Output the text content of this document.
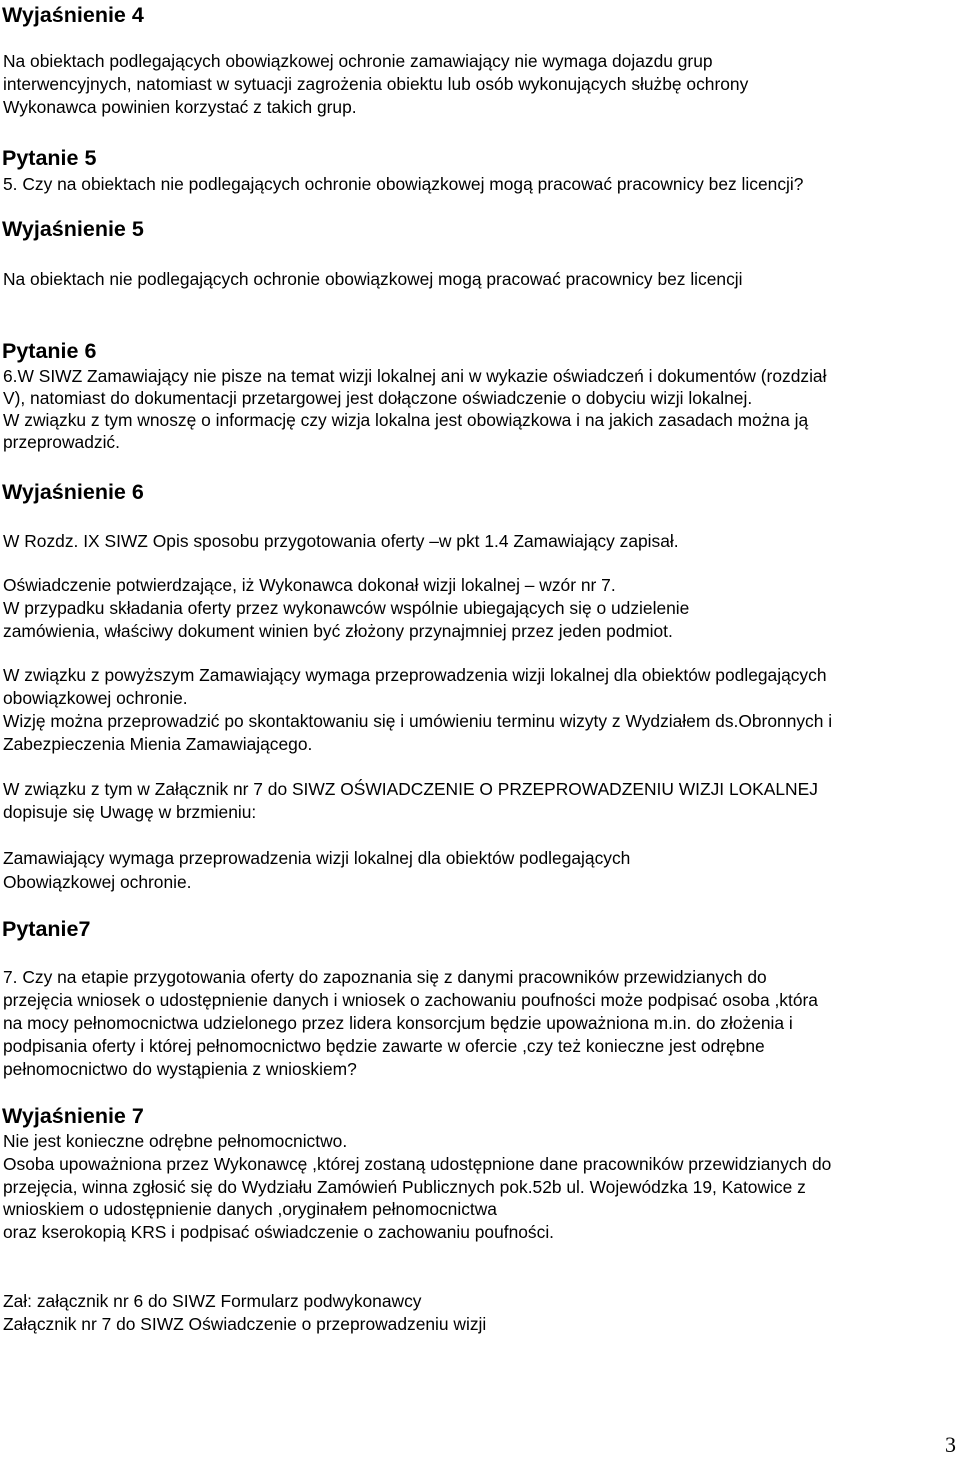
Wyjaśnienie 4
Na obiektach podlegających obowiązkowej ochronie zamawiający nie wymaga dojazdu grup
interwencyjnych, natomiast w sytuacji zagrożenia obiektu lub osób wykonujących służbę ochrony
Wykonawca powinien korzystać z takich grup.
Pytanie 5
5. Czy na obiektach nie podlegających ochronie obowiązkowej mogą pracować pracownicy bez licencji?
Wyjaśnienie 5
Na obiektach nie podlegających ochronie obowiązkowej mogą pracować pracownicy bez licencji
Pytanie 6
6.W SIWZ Zamawiający nie pisze na temat wizji lokalnej ani w wykazie oświadczeń i dokumentów (rozdział
V), natomiast do dokumentacji przetargowej jest dołączone oświadczenie o dobyciu wizji lokalnej.
W związku z tym wnoszę o informację czy wizja lokalna jest obowiązkowa i na jakich zasadach można ją
przeprowadzić.
Wyjaśnienie 6
W Rozdz. IX SIWZ Opis sposobu przygotowania oferty –w pkt 1.4 Zamawiający zapisał.
Oświadczenie potwierdzające, iż Wykonawca dokonał wizji lokalnej – wzór nr 7.
W przypadku składania oferty przez wykonawców wspólnie ubiegających się o udzielenie
zamówienia, właściwy dokument winien być złożony przynajmniej przez jeden podmiot.
W związku z powyższym Zamawiający wymaga przeprowadzenia wizji lokalnej dla obiektów podlegających
obowiązkowej ochronie.
Wizję można przeprowadzić po skontaktowaniu się i umówieniu terminu wizyty z Wydziałem ds.Obronnych i
Zabezpieczenia Mienia Zamawiającego.
W związku z tym w Załącznik nr 7 do SIWZ OŚWIADCZENIE O PRZEPROWADZENIU WIZJI LOKALNEJ
dopisuje się Uwagę w brzmieniu:
Zamawiający wymaga przeprowadzenia wizji lokalnej dla obiektów podlegających
Obowiązkowej ochronie.
Pytanie7
7. Czy na etapie przygotowania oferty do zapoznania się z danymi pracowników przewidzianych do
przejęcia wniosek o udostępnienie danych i wniosek o zachowaniu poufności może podpisać osoba ,która
na mocy pełnomocnictwa udzielonego przez lidera konsorcjum będzie upoważniona m.in. do złożenia i
podpisania oferty i której pełnomocnictwo będzie zawarte w ofercie ,czy też konieczne jest odrębne
pełnomocnictwo do wystąpienia z wnioskiem?
Wyjaśnienie 7
Nie jest konieczne odrębne pełnomocnictwo.
Osoba upoważniona przez Wykonawcę ,której zostaną udostępnione dane pracowników przewidzianych do
przejęcia, winna zgłosić się do Wydziału Zamówień Publicznych pok.52b ul. Wojewódzka 19, Katowice z
wnioskiem o udostępnienie danych ,oryginałem pełnomocnictwa
oraz kserokopią KRS i podpisać oświadczenie o zachowaniu poufności.
Zał: załącznik nr 6 do SIWZ Formularz podwykonawcy
Załącznik nr 7 do SIWZ Oświadczenie o przeprowadzeniu wizji
3
